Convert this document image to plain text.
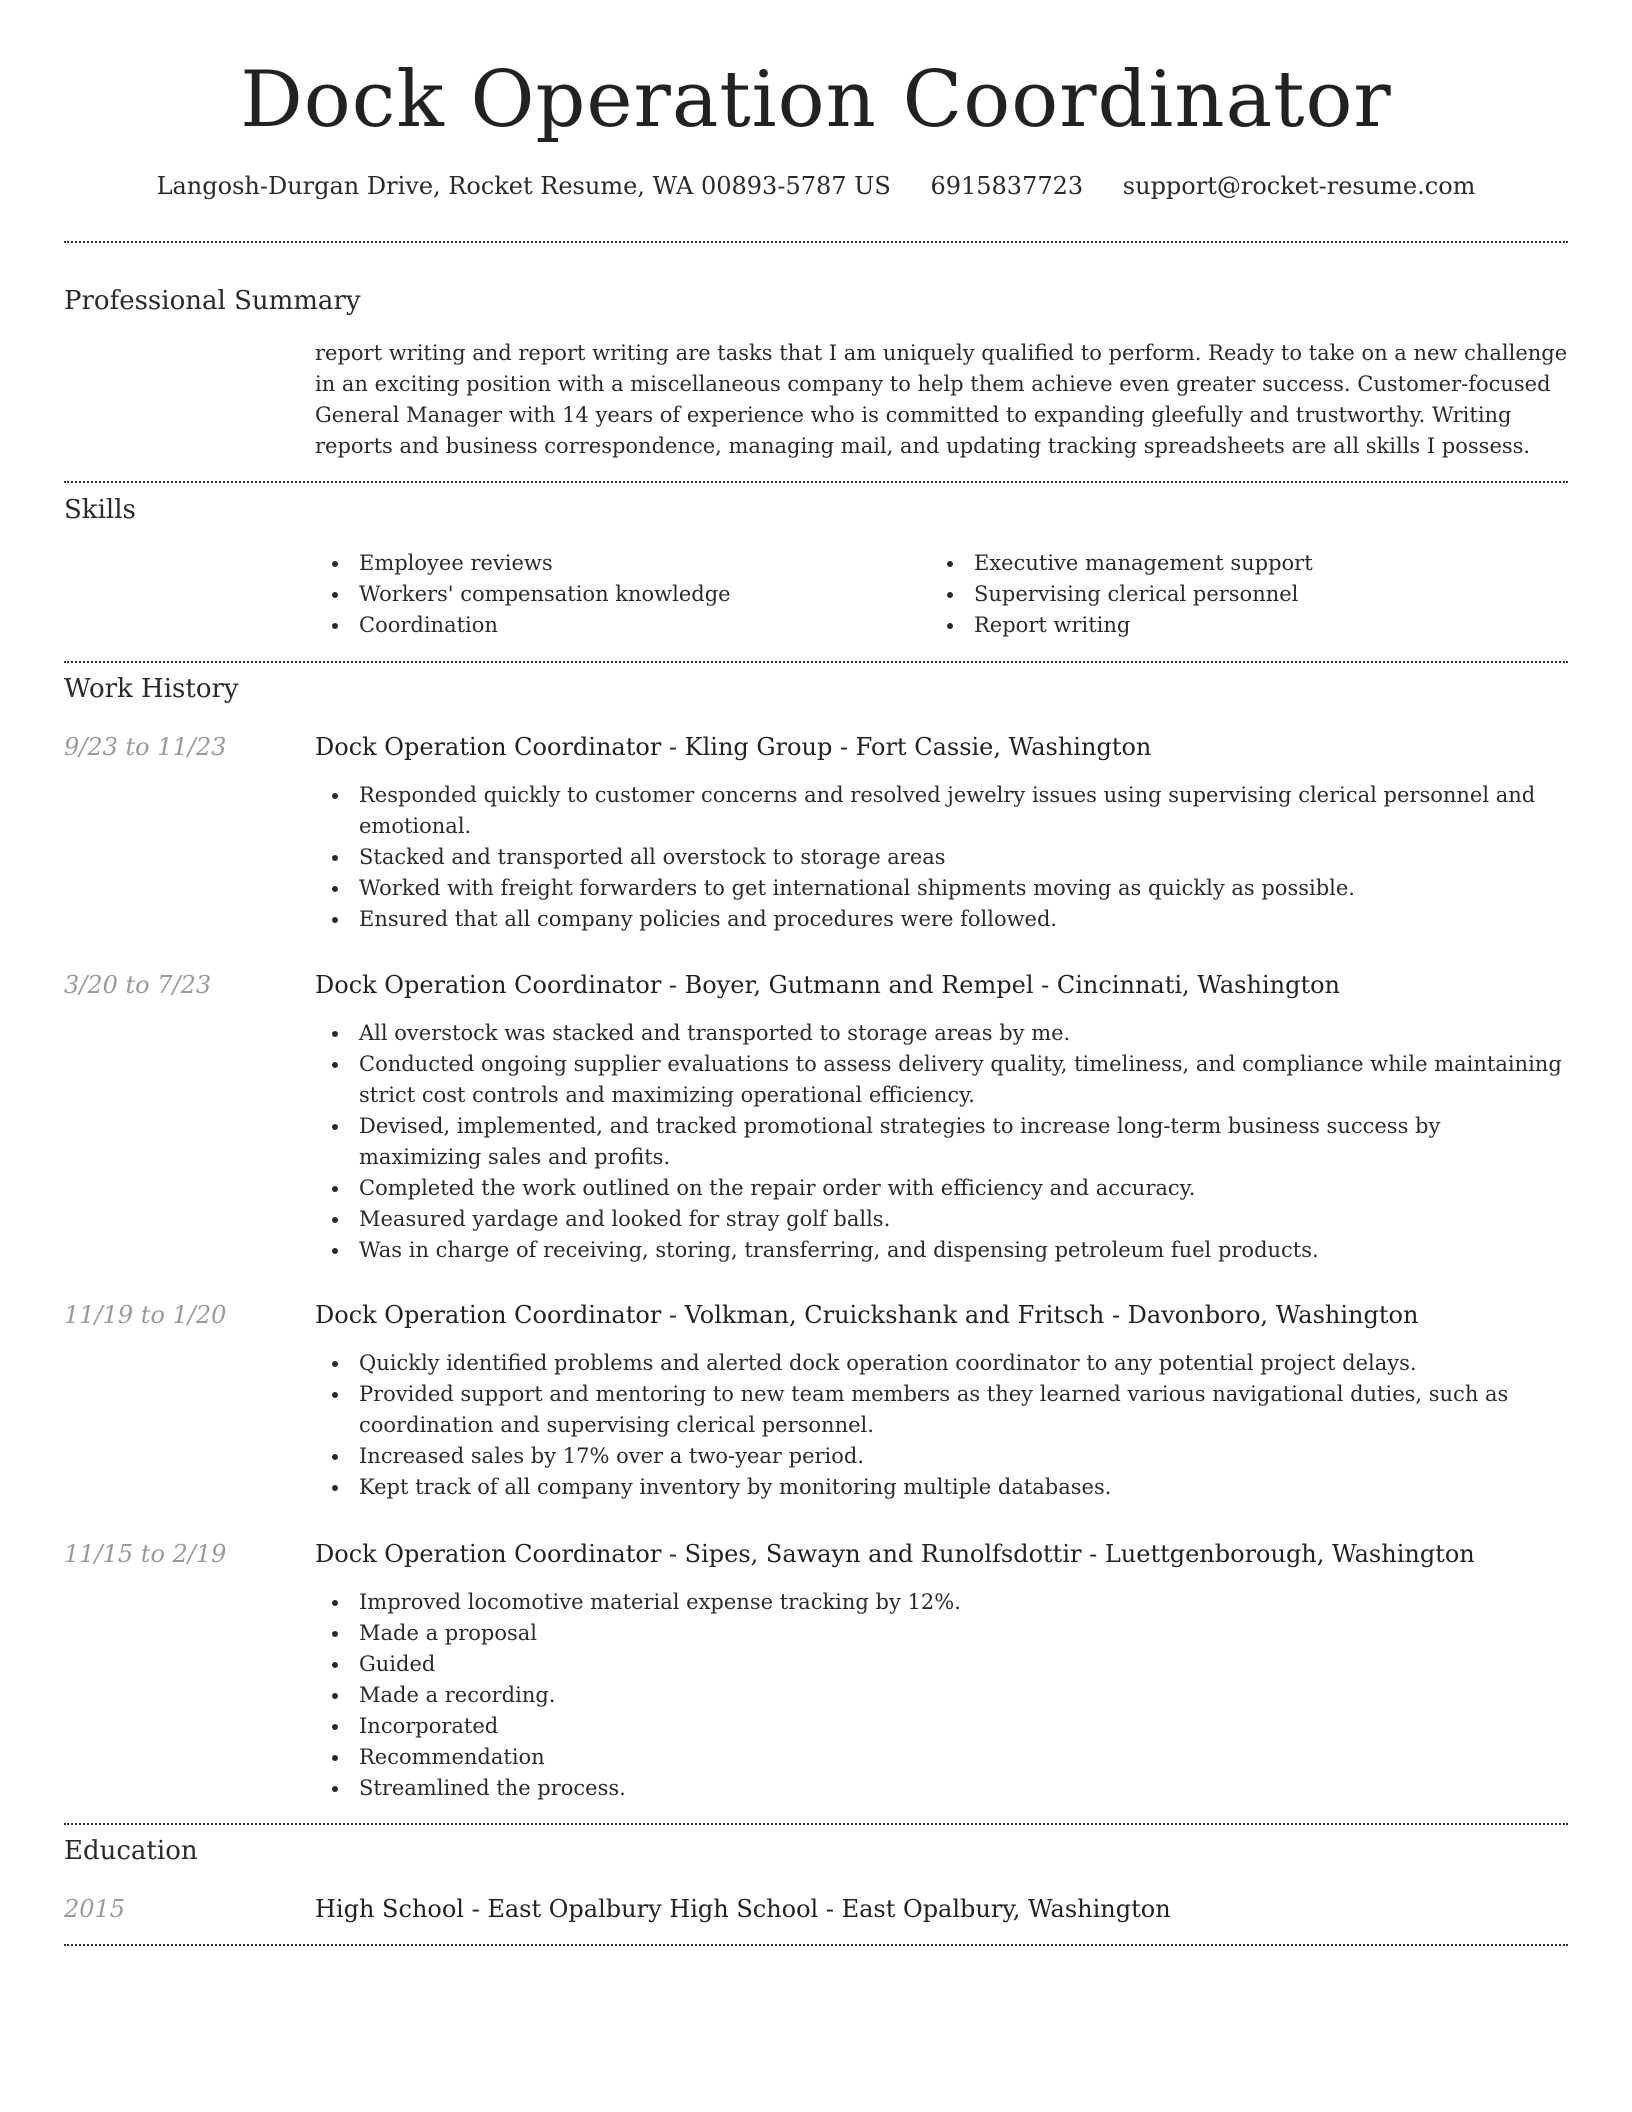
Dock Operation Coordinator
Langosh-Durgan Drive, Rocket Resume, WA 00893-5787 US 6915837723 support@rocket-resume.com
Professional Summary
report writing and report writing are tasks that I am uniquely qualified to perform. Ready to take on a new challenge in an exciting position with a miscellaneous company to help them achieve even greater success. Customer-focused General Manager with 14 years of experience who is committed to expanding gleefully and trustworthy. Writing reports and business correspondence, managing mail, and updating tracking spreadsheets are all skills I possess.
Skills
Employee reviews
Workers' compensation knowledge
Coordination
Executive management support
Supervising clerical personnel
Report writing
Work History
9/23 to 11/23	Dock Operation Coordinator - Kling Group - Fort Cassie, Washington
Responded quickly to customer concerns and resolved jewelry issues using supervising clerical personnel and emotional.
Stacked and transported all overstock to storage areas
Worked with freight forwarders to get international shipments moving as quickly as possible.
Ensured that all company policies and procedures were followed.
3/20 to 7/23	Dock Operation Coordinator - Boyer, Gutmann and Rempel - Cincinnati, Washington
All overstock was stacked and transported to storage areas by me.
Conducted ongoing supplier evaluations to assess delivery quality, timeliness, and compliance while maintaining strict cost controls and maximizing operational efficiency.
Devised, implemented, and tracked promotional strategies to increase long-term business success by maximizing sales and profits.
Completed the work outlined on the repair order with efficiency and accuracy.
Measured yardage and looked for stray golf balls.
Was in charge of receiving, storing, transferring, and dispensing petroleum fuel products.
11/19 to 1/20	Dock Operation Coordinator - Volkman, Cruickshank and Fritsch - Davonboro, Washington
Quickly identified problems and alerted dock operation coordinator to any potential project delays.
Provided support and mentoring to new team members as they learned various navigational duties, such as coordination and supervising clerical personnel.
Increased sales by 17% over a two-year period.
Kept track of all company inventory by monitoring multiple databases.
11/15 to 2/19	Dock Operation Coordinator - Sipes, Sawayn and Runolfsdottir - Luettgenborough, Washington
Improved locomotive material expense tracking by 12%.
Made a proposal
Guided
Made a recording.
Incorporated
Recommendation
Streamlined the process.
Education
2015	High School - East Opalbury High School - East Opalbury, Washington
